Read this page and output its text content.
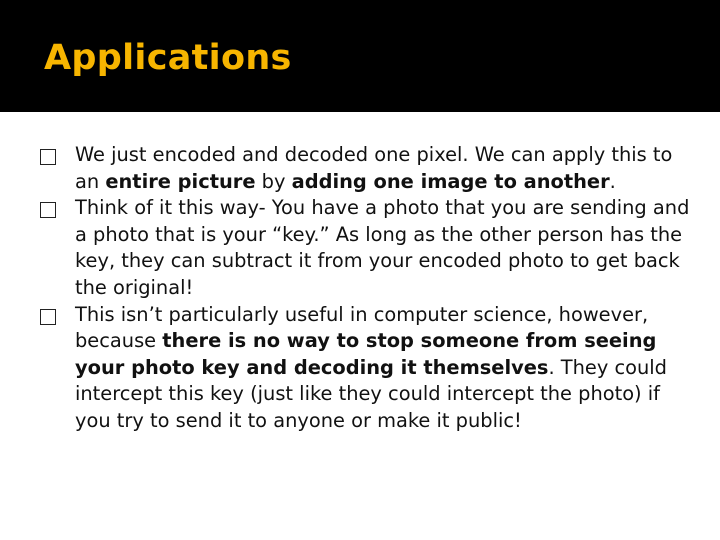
Applications

We just encoded and decoded one pixel. We can apply this to an entire picture by adding one image to another.

Think of it this way- You have a photo that you are sending and a photo that is your “key.” As long as the other person has the key, they can subtract it from your encoded photo to get back the original!

This isn’t particularly useful in computer science, however, because there is no way to stop someone from seeing your photo key and decoding it themselves. They could intercept this key (just like they could intercept the photo) if you try to send it to anyone or make it public!
